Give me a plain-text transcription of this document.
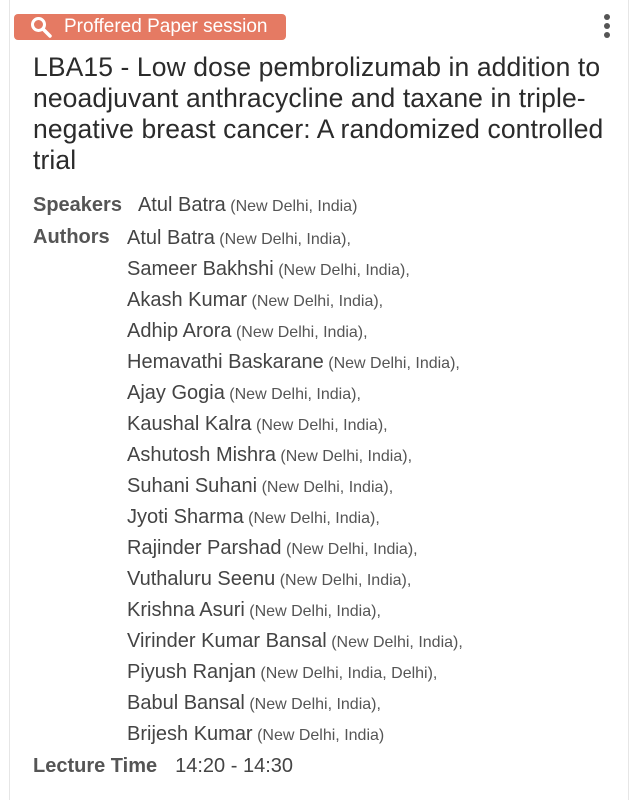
Proffered Paper session
LBA15 - Low dose pembrolizumab in addition to neoadjuvant anthracycline and taxane in triple-negative breast cancer: A randomized controlled trial
Speakers Atul Batra
(New Delhi, India)
Authors Atul Batra (New Delhi, India),
Sameer Bakhshi (New Delhi, India),
Akash Kumar (New Delhi, India),
Adhip Arora (New Delhi, India),
Hemavathi Baskarane (New Delhi, India),
Ajay Gogia (New Delhi, India),
Kaushal Kalra (New Delhi, India),
Ashutosh Mishra (New Delhi, India),
Suhani Suhani (New Delhi, India),
Jyoti Sharma (New Delhi, India),
Rajinder Parshad (New Delhi, India),
Vuthaluru Seenu (New Delhi, India),
Krishna Asuri (New Delhi, India),
Virinder Kumar Bansal (New Delhi, India),
Piyush Ranjan (New Delhi, India, Delhi),
Babul Bansal (New Delhi, India),
Brijesh Kumar (New Delhi, India)
Lecture Time 14:20 - 14:30
